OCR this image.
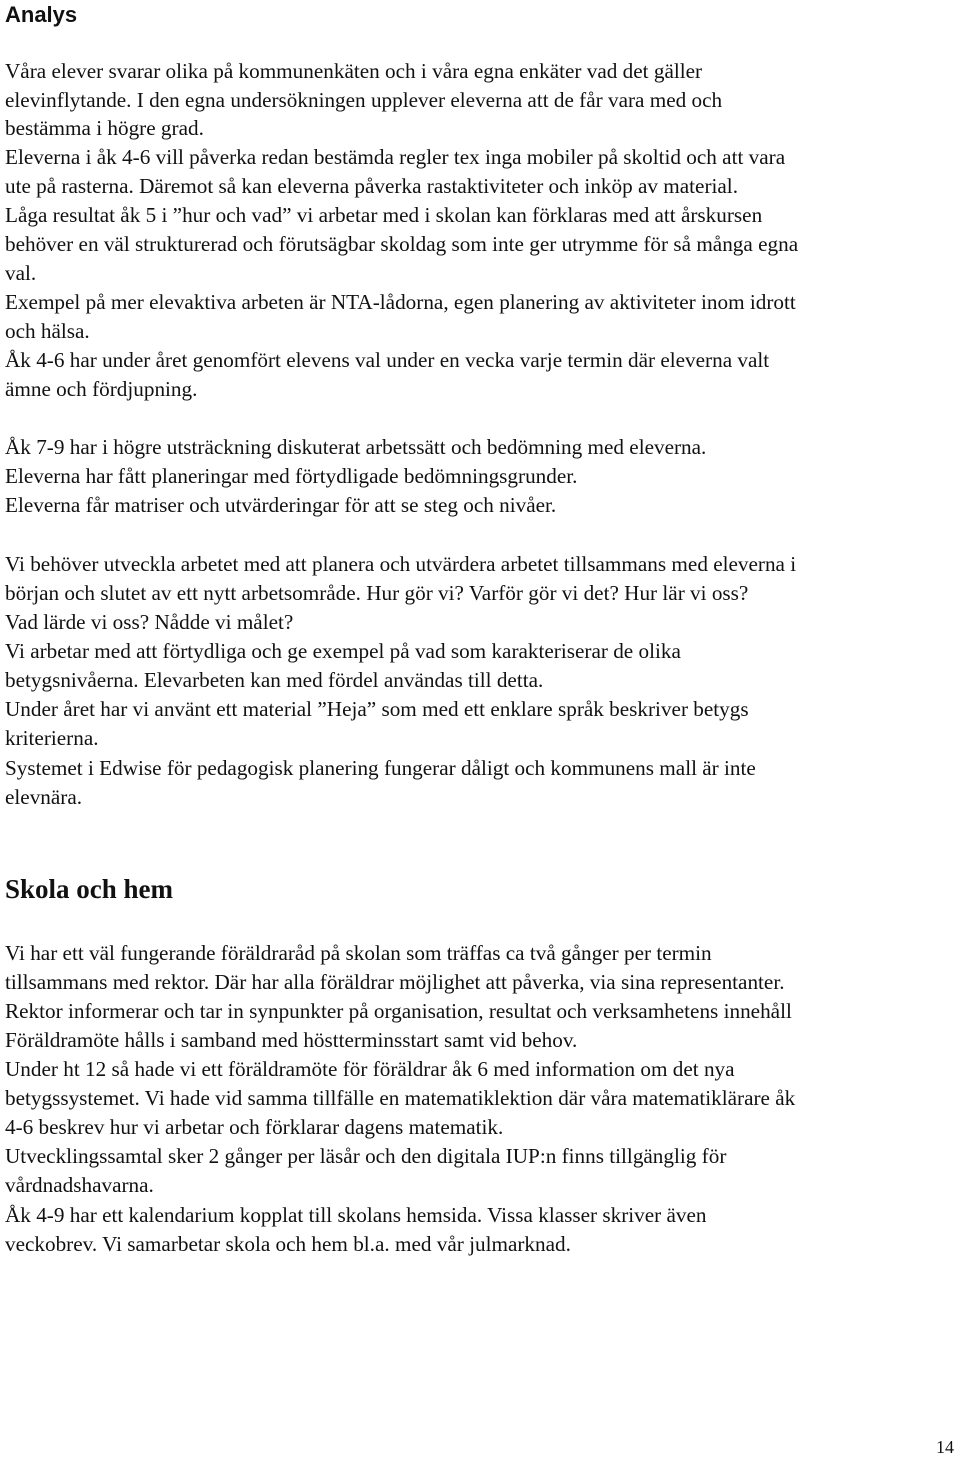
Analys
Våra elever svarar olika på kommunenkäten och i våra egna enkäter vad det gäller
elevinflytande. I den egna undersökningen upplever eleverna att de får vara med och
bestämma i högre grad.
Eleverna i åk 4-6 vill påverka redan bestämda regler tex inga mobiler på skoltid och att vara
ute på rasterna. Däremot så kan eleverna påverka rastaktiviteter och inköp av material.
Låga resultat åk 5 i ”hur och vad” vi arbetar med i skolan kan förklaras med att årskursen
behöver en väl strukturerad och förutsägbar skoldag som inte ger utrymme för så många egna
val.
Exempel på mer elevaktiva arbeten är NTA-lådorna, egen planering av aktiviteter inom idrott
och hälsa.
Åk 4-6 har under året genomfört elevens val under en vecka varje termin där eleverna valt
ämne och fördjupning.
Åk 7-9 har i högre utsträckning diskuterat arbetssätt och bedömning med eleverna.
Eleverna har fått planeringar med förtydligade bedömningsgrunder.
Eleverna får matriser och utvärderingar för att se steg och nivåer.
Vi behöver utveckla arbetet med att planera och utvärdera arbetet tillsammans med eleverna i
början och slutet av ett nytt arbetsområde. Hur gör vi? Varför gör vi det? Hur lär vi oss?
Vad lärde vi oss? Nådde vi målet?
Vi arbetar med att förtydliga och ge exempel på vad som karakteriserar de olika
betygsnivåerna. Elevarbeten kan med fördel användas till detta.
Under året har vi använt ett material ”Heja” som med ett enklare språk beskriver betygs
kriterierna.
Systemet i Edwise för pedagogisk planering fungerar dåligt och kommunens mall är inte
elevnära.
Skola och hem
Vi har ett väl fungerande föräldraråd på skolan som träffas ca två gånger per termin
tillsammans med rektor. Där har alla föräldrar möjlighet att påverka, via sina representanter.
Rektor informerar och tar in synpunkter på organisation, resultat och verksamhetens innehåll
Föräldramöte hålls i samband med höstterminsstart samt vid behov.
Under ht 12 så hade vi ett föräldramöte för föräldrar åk 6 med information om det nya
betygssystemet. Vi hade vid samma tillfälle en matematiklektion där våra matematiklärare åk
4-6 beskrev hur vi arbetar och förklarar dagens matematik.
Utvecklingssamtal sker 2 gånger per läsår och den digitala IUP:n finns tillgänglig för
vårdnadshavarna.
Åk 4-9 har ett kalendarium kopplat till skolans hemsida. Vissa klasser skriver även
veckobrev. Vi samarbetar skola och hem bl.a. med vår julmarknad.
14
